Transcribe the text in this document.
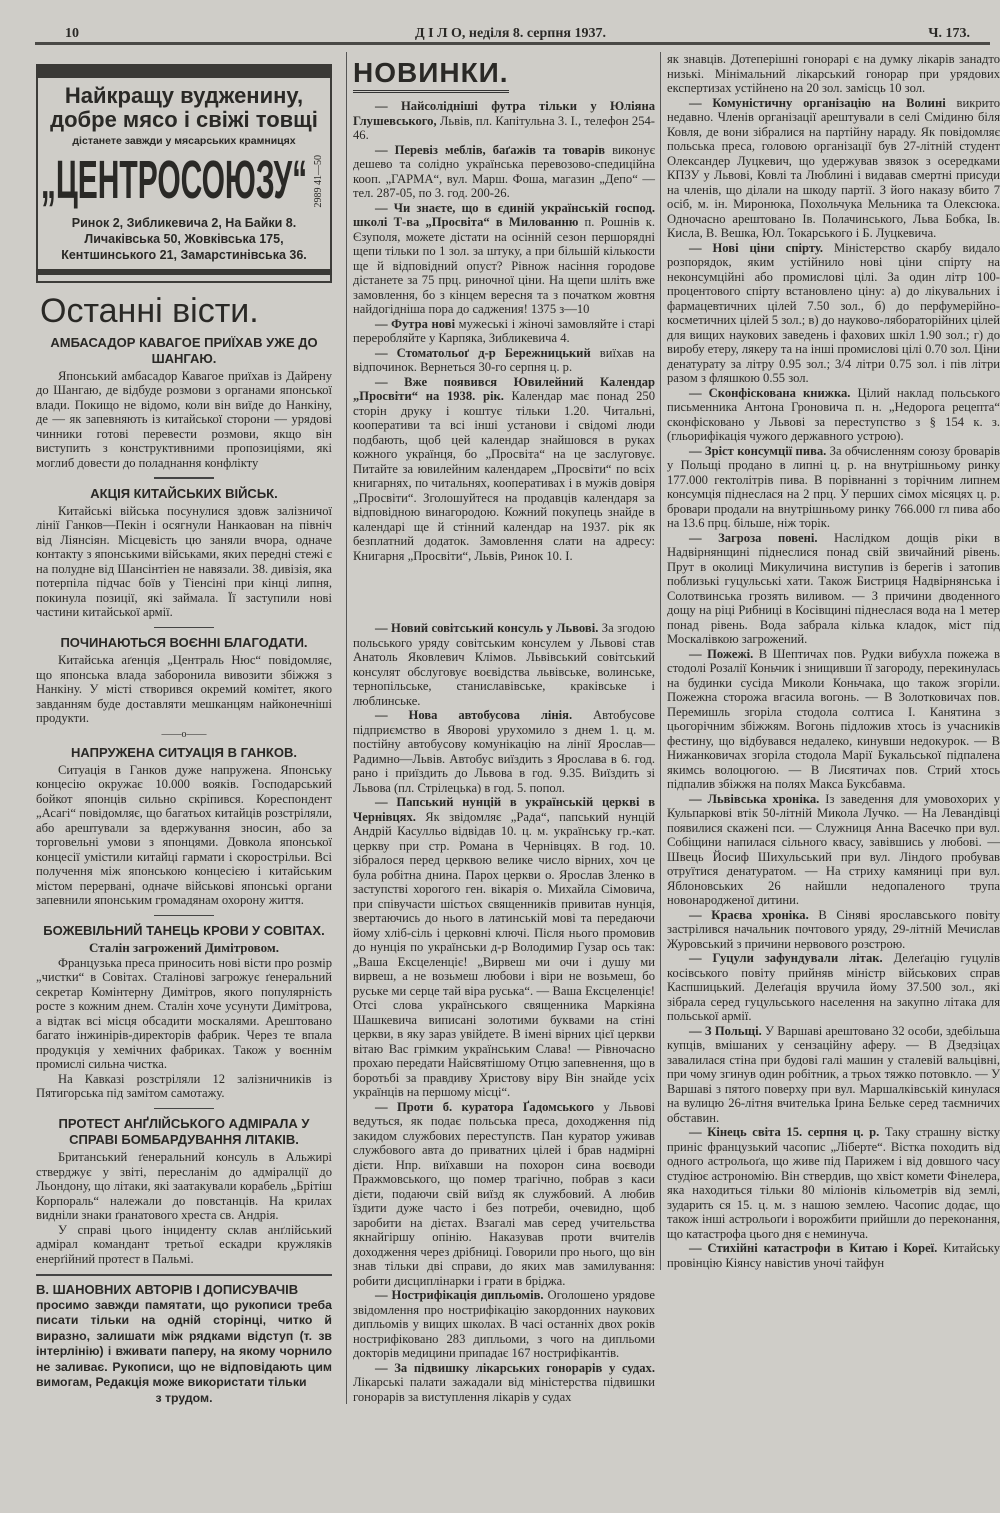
10	Д І Л О, неділя 8. серпня 1937.	Ч. 173.
Найкращу вудженину,
добре мясо і свіжі товщі
дістанете завжди у мясарських крамницях
„ЦЕНТРОСОЮЗУ“ 2989 41—50
Ринок 2, Зибликевича 2, На Байки 8.
Личаківська 50, Жовківська 175,
Кентшинського 21, Замарстинівська 36.
Останні вісти.
АМБАСАДОР КАВАГОЕ ПРИЇХАВ УЖЕ ДО ШАНГАЮ.

Японський амбасадор Кавагое приїхав із Дайрену до Шангаю, де відбуде розмови з органами японської влади. Покищо не відомо, коли він виїде до Нанкіну, де — як запевняють із китайської сторони — урядові чинники готові перевести розмови, якщо він виступить з конструктивними пропозиціями, які моглиб довести до поладнання конфлікту

АКЦІЯ КИТАЙСЬКИХ ВІЙСЬК.

Китайські війська посунулися здовж залізничої лінії Ганков—Пекін і осягнули Нанкаован на північ від Ліянсіян. Місцевість цю заняли вчора, одначе контакту з японськими військами, яких передні стежі є на полудне від Шансінтіен не навязали. 38. дивізія, яка потерпіла підчас боїв у Тіенсіні при кінці липня, покинула позиції, які займала. Її заступили нові частини китайської армії.

ПОЧИНАЮТЬСЯ ВОЄННІ БЛАГОДАТИ.

Китайська аґенція „Централь Нюс“ повідомляє, що японська влада заборонила вивозити збіжжя з Нанкіну. У місті створився окремий комітет, якого завданням буде доставляти мешканцям найконечніші продукти.

——о——
НАПРУЖЕНА СИТУАЦІЯ В ГАНКОВ.

Ситуація в Ганков дуже напружена. Японську концесію окружає 10.000 вояків. Господарський бойкот японців сильно скріпився. Кореспондент „Асагі“ повідомляє, що багатьох китайців розстріляли, або арештували за вдержування зносин, або за торговельні умови з японцями. Довкола японської концесії умістили китайці гармати і скорострільи. Всі получення між японською концесією і китайським містом перервані, одначе військові японські органи запевнили японським громадянам охорону життя.

БОЖЕВІЛЬНИЙ ТАНЕЦЬ КРОВИ У СОВІТАХ.
Сталін загрожений Димітровом.

Французька преса приносить нові вісти про розмір „чистки“ в Совітах. Сталінові загрожує ґенеральний секретар Комінтерну Димітров, якого популярність росте з кожним днем. Сталін хоче усунути Димітрова, а відтак всі місця обсадити москалями. Арештовано багато інжинірів-директорів фабрик. Через те впала продукція у хемічних фабриках. Також у воєннім промислі сильна чистка.

На Кавказі розстріляли 12 залізничників із Пятигорська під замітом самотажу.

ПРОТЕСТ АНҐЛІЙСЬКОГО АДМІРАЛА У СПРАВІ БОМБАРДУВАННЯ ЛІТАКІВ.

Британський ґенеральний консуль в Альжирі стверджує у звіті, пересланім до адміралції до Льондону, що літаки, які заатакували корабель „Брітіш Корпораль“ належали до повстанців. На крилах видніли знаки ґранатового хреста св. Андрія.

У справі цього інциденту склав анґлійський адмірал командант третьої ескадри кружляків енерґійний протест в Пальмі.

В. ШАНОВНИХ АВТОРІВ І ДОПИСУВАЧІВ
просимо завжди памятати, що рукописи треба писати тільки на одній сторінці, читко й виразно, залишати між рядками відступ (т. зв інтерлінію) і вживати паперу, на якому чорнило не заливає. Рукописи, що не відповідають цим вимогам, Редакція може використати тільки
з трудом.
НОВИНКИ.

— Найсолідніші футра тільки у Юліяна Глушевського, Львів, пл. Капітульна 3. І., телефон 254-46.

— Перевіз меблів, баґажів та товарів виконує дешево та солідно українська перевозово-спедиційна кооп. „ГАРМА“, вул. Марш. Фоша, магазин „Депо“ — тел. 287-05, по 3. год. 200-26.

— Чи знаєте, що в єдиній українській господ. школі Т-ва „Просвіта“ в Милованню п. Рошнів к. Єзуполя, можете дістати на осінній сезон першорядні щепи тільки по 1 зол. за штуку, а при більшій кількости ще й відповідний опуст? Рівнож насіння городове дістанете за 75 прц. риночної ціни. На щепи шліть вже замовлення, бо з кінцем вересня та з початком жовтня найдогідніша пора до саджения! 1375 з—10

— Футра нові мужеські і жіночі замовляйте і старі переробляйте у Карпяка, Зибликевича 4.

— Стоматольоґ д-р Бережницький виїхав на відпочинок. Вернеться 30-го серпня ц. р.

— Вже появився Ювилейний Календар „Просвіти“ на 1938. рік. Календар має понад 250 сторін друку і коштує тільки 1.20. Читальні, кооперативи та всі інші установи і свідомі люди подбають, щоб цей календар знайшовся в руках кожного українця, бо „Просвіта“ на це заслуговує. Питайте за ювилейним календарем „Просвіти“ по всіх книгарнях, по читальнях, кооперативах і в мужів довіря „Просвіти“. Зголошуйтеся на продавців календаря за відповідною винагородою. Кожний покупець знайде в календарі ще й стінний календар на 1937. рік як безплатний додаток. Замовлення слати на адресу: Книгарня „Просвіти“, Львів, Ринок 10. І.

— Новий совітський консуль у Львові. За згодою польського уряду совітським консулем у Львові став Анатоль Яковлевич Клімов. Львівський совітський консулят обслуговує воєвідства львівське, волинське, тернопільське, станиславівське, краківське і люблинське.

— Нова автобусова лінія. Автобусове підприємство в Яворові урухомило з днем 1. ц. м. постійну автобусову комунікацію на лінії Ярослав—Радимно—Львів. Автобус виїздить з Ярослава в 6. год. рано і приїздить до Львова в год. 9.35. Виїздить зі Львова (пл. Стрілецька) в год. 5. попол.

— Папський нунцій в українській церкві в Чернівцях. Як звідомляє „Рада“, папський нунцій Андрій Касулльо відвідав 10. ц. м. українську гр.-кат. церкву при стр. Романа в Чернівцях. В год. 10. зібралося перед церквою велике число вірних, хоч це була робітна днина. Парох церкви о. Ярослав Зленко в заступстві хорогого ген. вікарія о. Михайла Сімовича, при співучасти шістьох священників привитав нунція, звертаючись до нього в латинській мові та передаючи йому хліб-сіль і церковні ключі. Після нього промовив до нунція по українськи д-р Володимир Гузар ось так: „Ваша Ексцеленціє! „Вирвеш ми очи і душу ми вирвеш, а не возьмеш любови і віри не возьмеш, бо руське ми серце тай віра руська“. — Ваша Ексцеленціє! Отсі слова українського священника Маркіяна Шашкевича виписані золотими буквами на стіні церкви, в яку зараз увійдете. В імені вірних цієї церкви вітаю Вас грімким українським Слава! — Рівночасно прохаю передати Найсвятішому Отцю запевнення, що в боротьбі за правдиву Христову віру Він знайде усіх українців на першому місці“.

— Проти б. куратора Ґадомського у Львові ведуться, як подає польська преса, доходження під закидом службових переступств. Пан куратор уживав службового авта до приватних цілей і брав надмірні дієти. Нпр. виїхавши на похорон сина воєводи Пражмовського, що помер трагічно, побрав з каси дієти, подаючи свій виїзд як службовий. А любив їздити дуже часто і без потреби, очевидно, щоб заробити на дієтах. Взагалі мав серед учительства якнайгіршу опінію. Наказував проти вчителів доходження через дрібниці. Говорили про нього, що він знав тільки дві справи, до яких мав замилування: робити дисциплінарки і грати в бріджа.

— Нострифікація дипльомів. Оголошено урядове звідомлення про нострифікацію закордонних наукових дипльомів у вищих школах. В часі останніх двох років нострифіковано 283 дипльоми, з чого на дипльоми докторів медицини припадає 167 нострифікантів.

— За підвишку лікарських гонорарів у судах. Лікарські палати зажадали від міністерства підвишки гонорарів за виступлення лікарів у судах

як знавців. Дотеперішні гонорарі є на думку лікарів занадто низькі. Мінімальний лікарський гонорар при урядових експертизах устійнено на 20 зол. замісць 10 зол.

— Комуністичну організацію на Волині викрито недавно. Членів організації арештували в селі Смідиню біля Ковля, де вони зібралися на партійну нараду. Як повідомляє польська преса, головою організації був 27-літній студент Олександер Луцкевич, що удержував звязок з осередками КПЗУ у Львові, Ковлі та Люблині і видавав смертні присуди на членів, що ділали на шкоду партії. З його наказу вбито 7 осіб, м. ін. Миронюка, Похольчука Мельника та Олексюка. Одночасно арештовано Ів. Полачинського, Льва Бобка, Ів. Кисла, В. Вешка, Юл. Токарського і Б. Луцкевича.

— Нові ціни спірту. Міністерство скарбу видало розпорядок, яким устійнило нові ціни спірту на неконсумційні або промислові цілі. За один літр 100-процентового спірту встановлено ціну: а) до лікувальних і фармацевтичних цілей 7.50 зол., б) до перфумерійно-косметичних цілей 5 зол.; в) до науково-лябораторійних цілей для вищих наукових заведень і фахових шкіл 1.90 зол.; г) до виробу етеру, лякеру та на інші промислові цілі 0.70 зол. Ціни денатурату за літру 0.95 зол.; 3/4 літри 0.75 зол. і пів літри разом з фляшкою 0.55 зол.

— Сконфіскована книжка. Цілий наклад польського письменника Антона Гроновича п. н. „Недорога рецепта“ сконфісковано у Львові за переступство з § 154 к. з. (гльорифікація чужого державного устрою).

— Зріст консумції пива. За обчисленням союзу броварів у Польщі продано в липні ц. р. на внутрішньому ринку 177.000 гектолітрів пива. В порівнанні з торічним липнем консумція піднеслася на 2 прц. У перших сімох місяцях ц. р. бровари продали на внутрішньому ринку 766.000 гл пива або на 13.6 прц. більше, ніж торік.

— Загроза повені. Наслідком дощів ріки в Надвірнянщині піднеслися понад свій звичайний рівень. Прут в околиці Микуличина виступив із берегів і затопив поблизькі гуцульські хати. Також Бистриця Надвірнянська і Солотвинська грозять виливом. — З причини дводенного дощу на ріці Рибниці в Косівщині піднеслася вода на 1 метер понад рівень. Вода забрала кілька кладок, міст під Москалівкою загрожений.

— Пожежі. В Шептичах пов. Рудки вибухла пожежа в стодолі Розалії Коньчик і знищивши її загороду, перекинулась на будинки сусіда Миколи Коньчака, що також згоріли. Пожежна сторожа вгасила вогонь. — В Золотковичах пов. Перемишль згоріла стодола солтиса І. Канятина з цьогорічним збіжжям. Вогонь підложив хтось із учасників фестину, що відбувався недалеко, кинувши недокурок. — В Нижанковичах згоріла стодола Марії Букальської підпалена якимсь волоцюгою. — В Лисятичах пов. Стрий хтось підпалив збіжжя на полях Макса Буксбавма.

— Львівська хроніка. Із заведення для умовохорих у Кульпаркові втік 50-літній Микола Лучко. — На Левандівці появилися скажені пси. — Служниця Анна Васечко при вул. Собіщини напилася сільного квасу, завівшись у любові. — Швець Йосиф Шихульський при вул. Ліндого пробував отруїтися денатуратом. — На стриху камяниці при вул. Яблоновських 26 найшли недопаленого трупа новонародженої дитини.

— Краєва хроніка. В Сіняві ярославського повіту застрілився начальник почтового уряду, 29-літній Мечислав Журовський з причини нервового розстрою.

— Гуцули зафундували літак. Делеґацію гуцулів косівського повіту прийняв міністр військових справ Каспшицький. Делеґація вручила йому 37.500 зол., які зібрала серед гуцульського населення на закупно літака для польської армії.

— З Польщі. У Варшаві арештовано 32 особи, здебільша купців, вмішаних у сензаційну аферу. — В Дзедзіцах завалилася стіна при будові галі машин у сталевій вальцівні, при чому згинув один робітник, а трьох тяжко потовкло. — У Варшаві з пятого поверху при вул. Маршалківській кинулася на вулицю 26-літня вчителька Ірина Бельке серед таємничих обставин.

— Кінець світа 15. серпня ц. р. Таку страшну вістку приніс французький часопис „Ліберте“. Вістка походить від одного астрольоґа, що живе під Парижем і від довшого часу студіює астрономію. Він ствердив, що хвіст комети Фінелера, яка находиться тільки 80 міліонів кільометрів від землі, зударить ся 15. ц. м. з нашою землею. Часопис додає, що також інші астрольоґи і ворожбити прийшли до переконання, що катастрофа цього дня є неминуча.

— Стихійні катастрофи в Китаю і Кореї. Китайську провінцію Кіянсу навістив уночі тайфун
